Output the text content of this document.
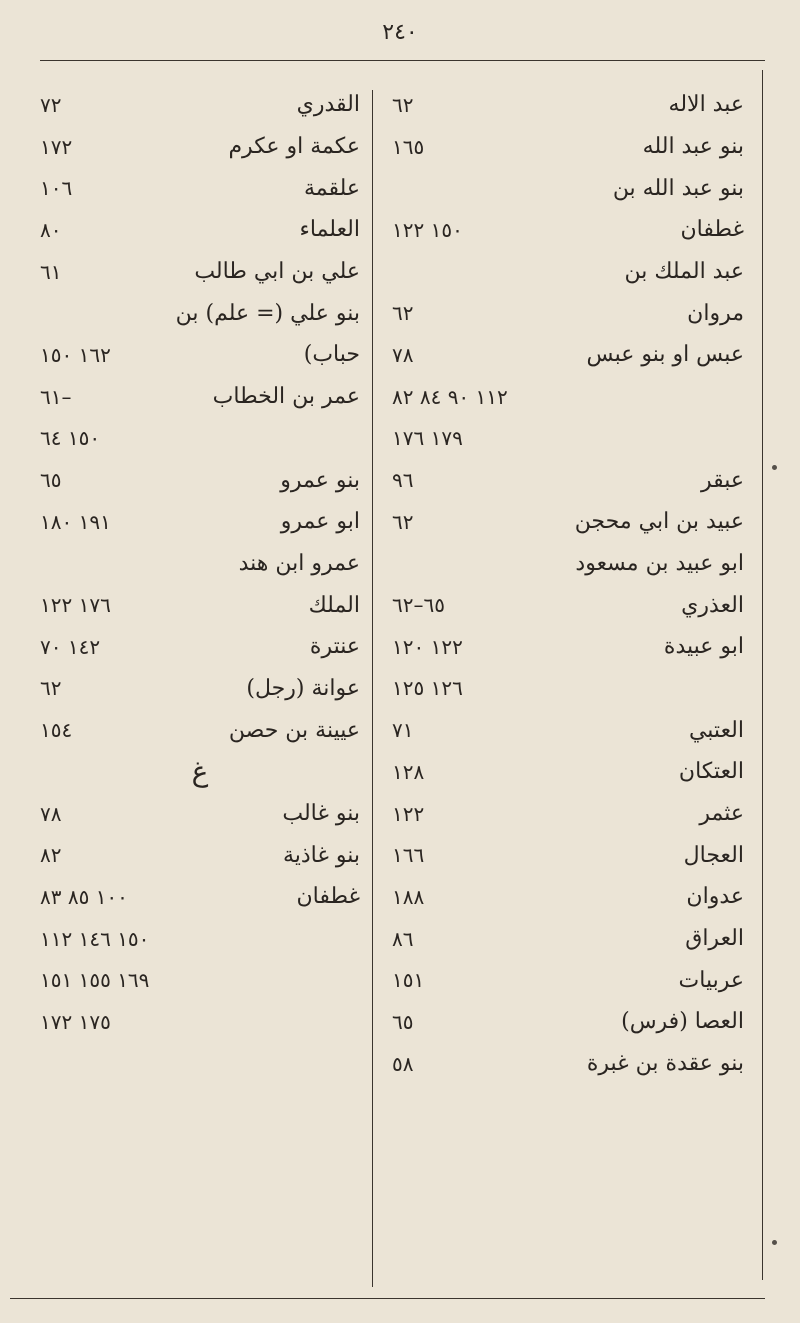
٢٤٠
٧٢	القدري
١٧٢	عكمة او عكرم
١٠٦	علقمة
٨٠	العلماء
٦١	علي بن ابي طالب
بنو علي (= علم) بن
١٦٢ ١٥٠	حباب)
٦١–	عمر بن الخطاب
١٥٠ ٦٤
٦٥	بنو عمرو
١٩١ ١٨٠	ابو عمرو
عمرو ابن هند
١٧٦ ١٢٢	الملك
١٤٢ ٧٠	عنترة
٦٢	عوانة (رجل)
١٥٤	عيينة بن حصن
غ
٧٨	بنو غالب
٨٢	بنو غاذية
١٠٠ ٨٥ ٨٣	غطفان
١٥٠ ١٤٦ ١١٢
١٦٩ ١٥٥ ١٥١
١٧٥ ١٧٢
٦٢	عبد الاله
١٦٥	بنو عبد الله
بنو عبد الله بن
١٥٠ ١٢٢	غطفان
عبد الملك بن
٦٢	مروان
٧٨	عبس او بنو عبس
١١٢ ٩٠ ٨٤ ٨٢
١٧٩ ١٧٦
٩٦	عبقر
٦٢	عبيد بن ابي محجن
ابو عبيد بن مسعود
٦٥–٦٢	العذري
١٢٢ ١٢٠	ابو عبيدة
١٢٦ ١٢٥
٧١	العتبي
١٢٨	العتكان
١٢٢	عثمر
١٦٦	العجال
١٨٨	عدوان
٨٦	العراق
١٥١	عربيات
٦٥	العصا (فرس)
٥٨	بنو عقدة بن غبرة
